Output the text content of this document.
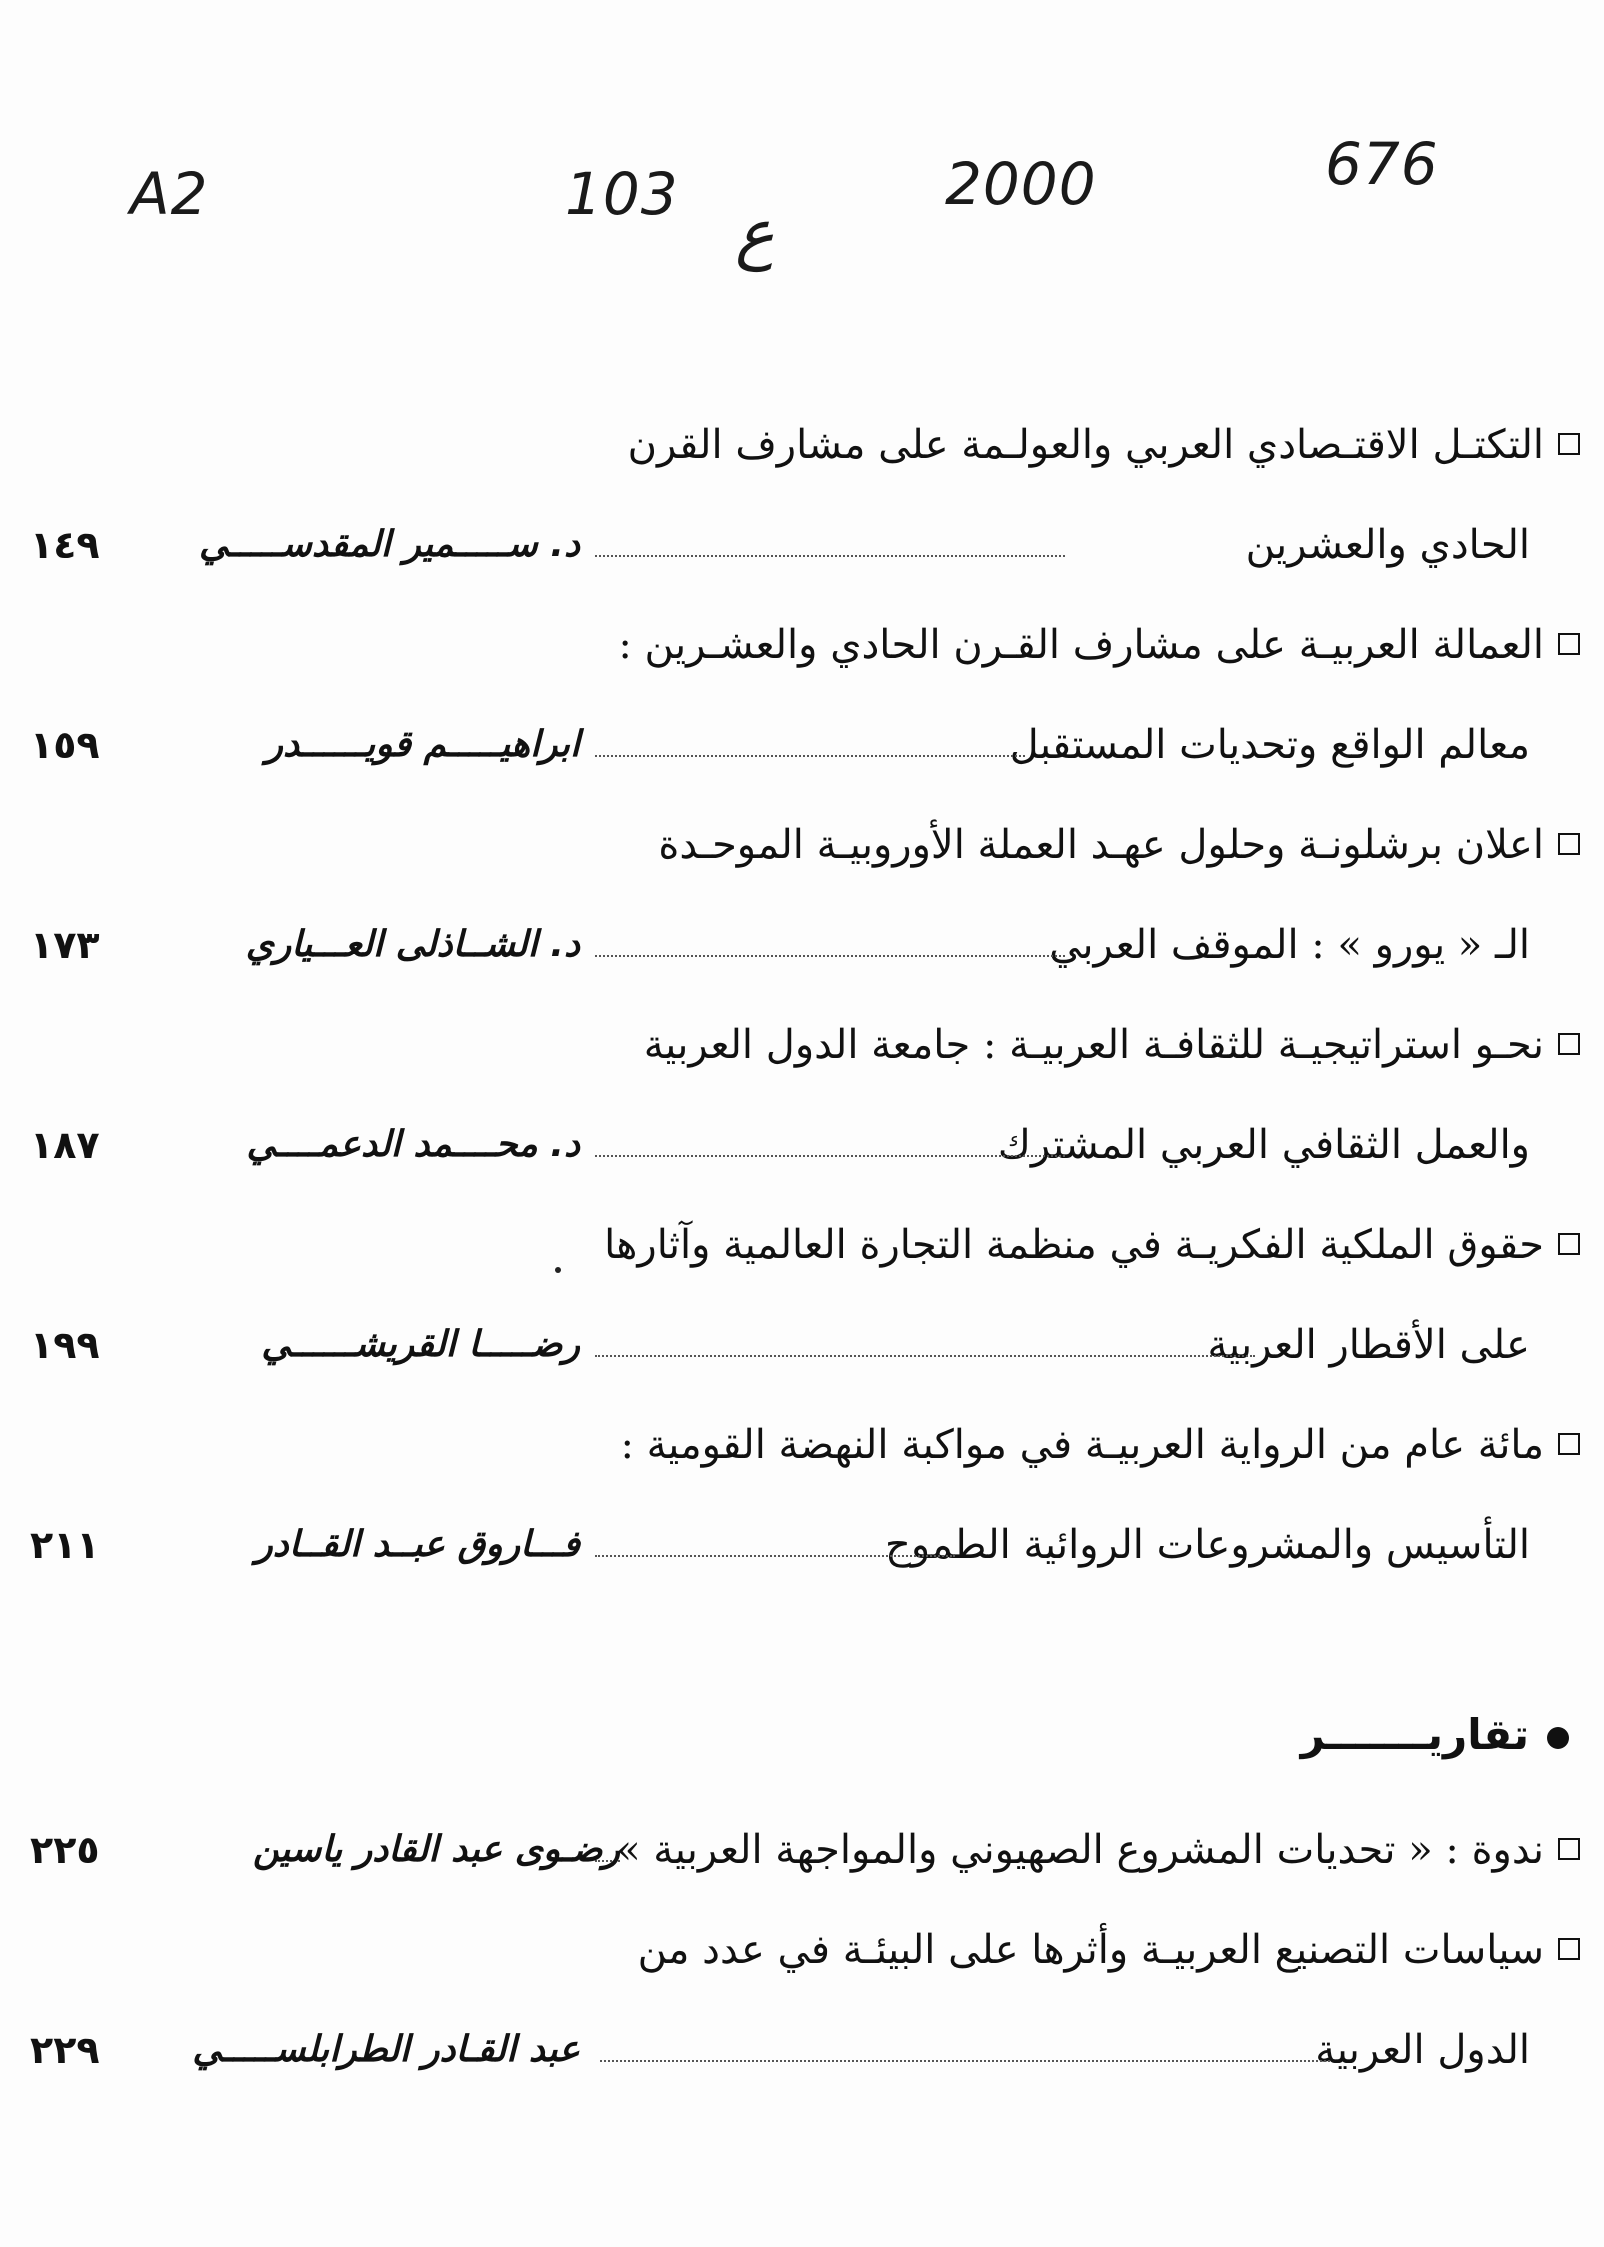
A2	103
ع
2000	676
التكتـل الاقتـصادي العربي والعولـمة على مشارف القرن
الحادي والعشرين
د. ســـــمير المقدســـــي
١٤٩
العمالة العربيـة على مشارف القـرن الحادي والعشـرين :
معالم الواقع وتحديات المستقبل
ابراهيـــــم قويــــــدر
١٥٩
اعلان برشلونـة وحلول عهـد العملة الأوروبيـة الموحـدة
الـ « يورو » : الموقف العربي
د. الشــاذلى العـــياري
١٧٣
نحـو استراتيجيـة للثقافـة العربيـة : جامعة الدول العربية
والعمل الثقافي العربي المشترك
د. محــــمد الدعمــــي
١٨٧
حقوق الملكية الفكريـة في منظمة التجارة العالمية وآثارها
على الأقطار العربية
رضـــــا القريشــــــي
١٩٩
مائة عام من الرواية العربيـة في مواكبة النهضة القومية :
التأسيس والمشروعات الروائية الطموح
فـــاروق عبــد القــادر
٢١١
تقاريـــــــر
ندوة : « تحديات المشروع الصهيوني والمواجهة العربية »
رضـوى عبد القادر ياسين
٢٢٥
سياسات التصنيع العربيـة وأثرها على البيئـة في عدد من
الدول العربية
عبد القـادر الطرابلســـــي
٢٢٩
